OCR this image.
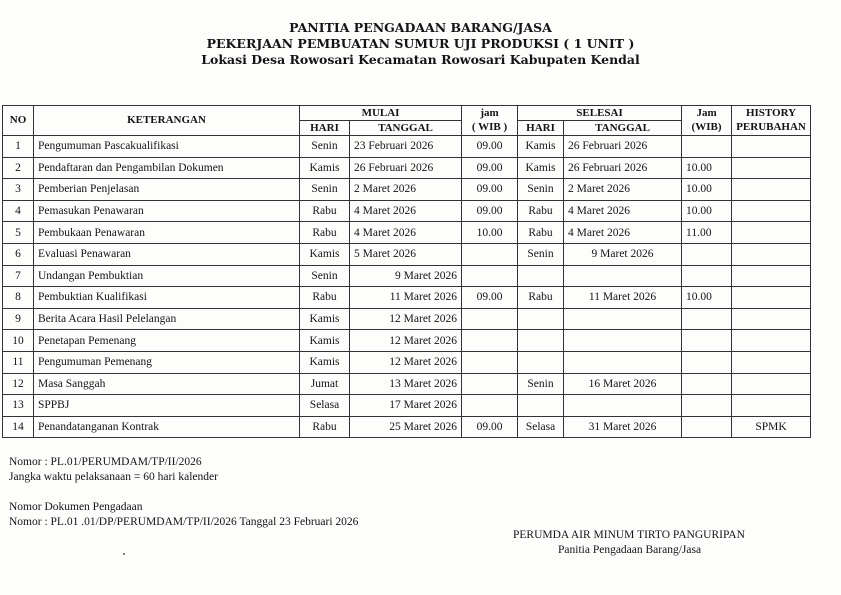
PANITIA PENGADAAN BARANG/JASA
PEKERJAAN PEMBUATAN SUMUR UJI PRODUKSI ( 1 UNIT )
Lokasi Desa Rowosari Kecamatan Rowosari Kabupaten Kendal
NO	KETERANGAN	MULAI		jam	SELESAI		Jam	HISTORY
		HARI	TANGGAL	( WIB )	HARI	TANGGAL	(WIB)	PERUBAHAN
1	Pengumuman Pascakualifikasi	Senin	23 Februari 2026	09.00	Kamis	26 Februari 2026		
2	Pendaftaran dan Pengambilan Dokumen	Kamis	26 Februari 2026	09.00	Kamis	26 Februari 2026	10.00	
3	Pemberian Penjelasan	Senin	2 Maret 2026	09.00	Senin	2 Maret 2026	10.00	
4	Pemasukan Penawaran	Rabu	4 Maret 2026	09.00	Rabu	4 Maret 2026	10.00	
5	Pembukaan Penawaran	Rabu	4 Maret 2026	10.00	Rabu	4 Maret 2026	11.00	
6	Evaluasi Penawaran	Kamis	5 Maret 2026		Senin	9 Maret 2026		
7	Undangan Pembuktian	Senin	9 Maret 2026					
8	Pembuktian Kualifikasi	Rabu	11 Maret 2026	09.00	Rabu	11 Maret 2026	10.00	
9	Berita Acara Hasil Pelelangan	Kamis	12 Maret 2026					
10	Penetapan Pemenang	Kamis	12 Maret 2026					
11	Pengumuman Pemenang	Kamis	12 Maret 2026					
12	Masa Sanggah	Jumat	13 Maret 2026		Senin	16 Maret 2026		
13	SPPBJ	Selasa	17 Maret 2026					
14	Penandatanganan Kontrak	Rabu	25 Maret 2026	09.00	Selasa	31 Maret 2026		SPMK
Nomor : PL.01/PERUMDAM/TP/II/2026
Jangka waktu pelaksanaan = 60 hari kalender
Nomor Dokumen Pengadaan
Nomor : PL.01 .01/DP/PERUMDAM/TP/II/2026 Tanggal 23 Februari 2026
PERUMDA AIR MINUM TIRTO PANGURIPAN
Panitia Pengadaan Barang/Jasa
